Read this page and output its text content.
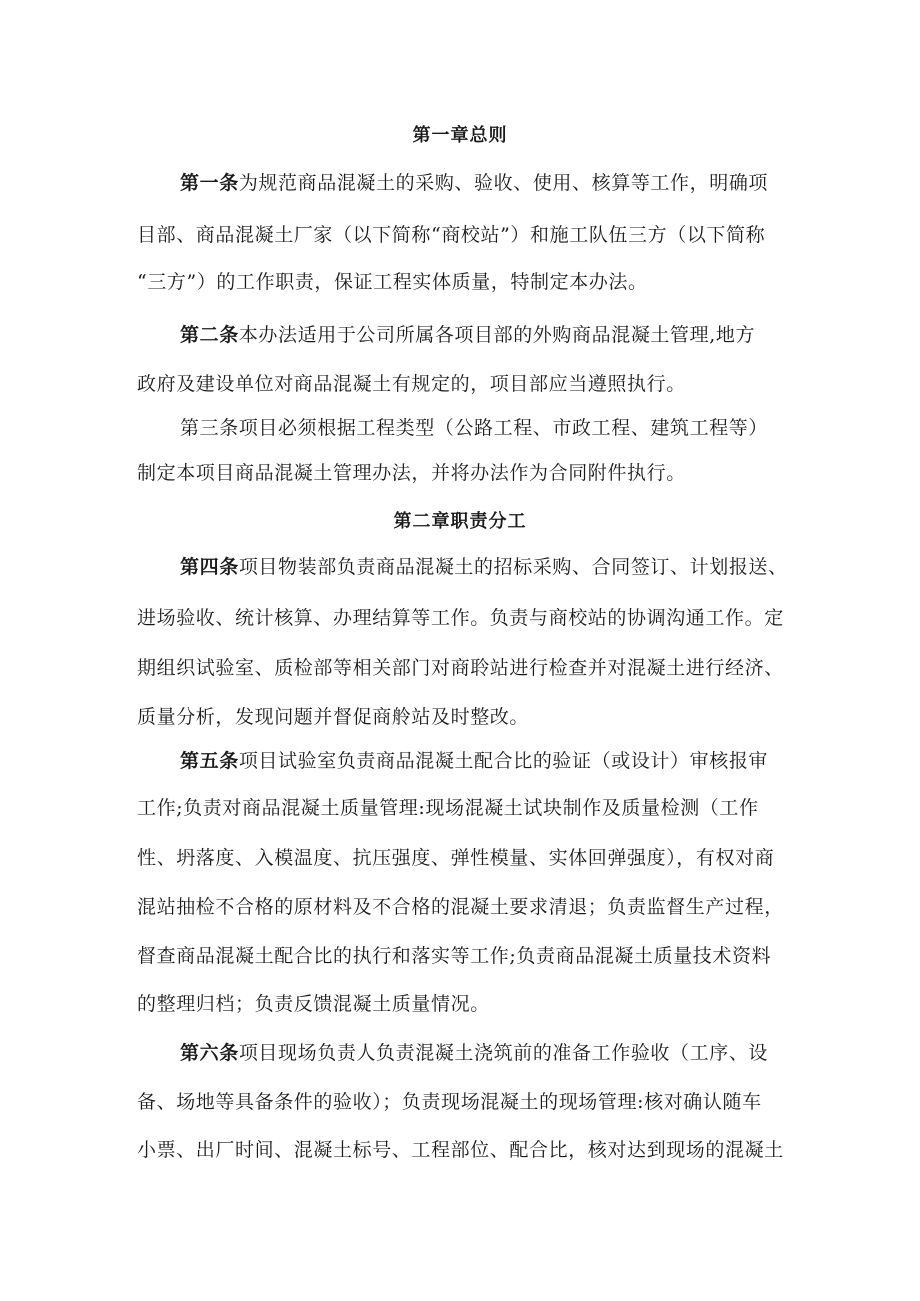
第一章总则
第一条为规范商品混凝土的采购、验收、使用、核算等工作，明确项
目部、商品混凝土厂家（以下简称“商校站”）和施工队伍三方（以下简称
“三方”）的工作职责，保证工程实体质量，特制定本办法。
第二条本办法适用于公司所属各项目部的外购商品混凝土管理,地方
政府及建设单位对商品混凝土有规定的，项目部应当遵照执行。
第三条项目必须根据工程类型（公路工程、市政工程、建筑工程等）
制定本项目商品混凝土管理办法，并将办法作为合同附件执行。
第二章职责分工
第四条项目物装部负责商品混凝土的招标采购、合同签订、计划报送、
进场验收、统计核算、办理结算等工作。负责与商校站的协调沟通工作。定
期组织试验室、质检部等相关部门对商聆站进行检查并对混凝土进行经济、
质量分析，发现问题并督促商舲站及时整改。
第五条项目试验室负责商品混凝土配合比的验证（或设计）审核报审
工作;负责对商品混凝土质量管理:现场混凝土试块制作及质量检测（工作
性、坍落度、入模温度、抗压强度、弹性模量、实体回弹强度），有权对商
混站抽检不合格的原材料及不合格的混凝土要求清退；负责监督生产过程，
督查商品混凝土配合比的执行和落实等工作;负责商品混凝土质量技术资料
的整理归档；负责反馈混凝土质量情况。
第六条项目现场负责人负责混凝土浇筑前的准备工作验收（工序、设
备、场地等具备条件的验收）；负责现场混凝土的现场管理:核对确认随车
小票、出厂时间、混凝土标号、工程部位、配合比，核对达到现场的混凝土
